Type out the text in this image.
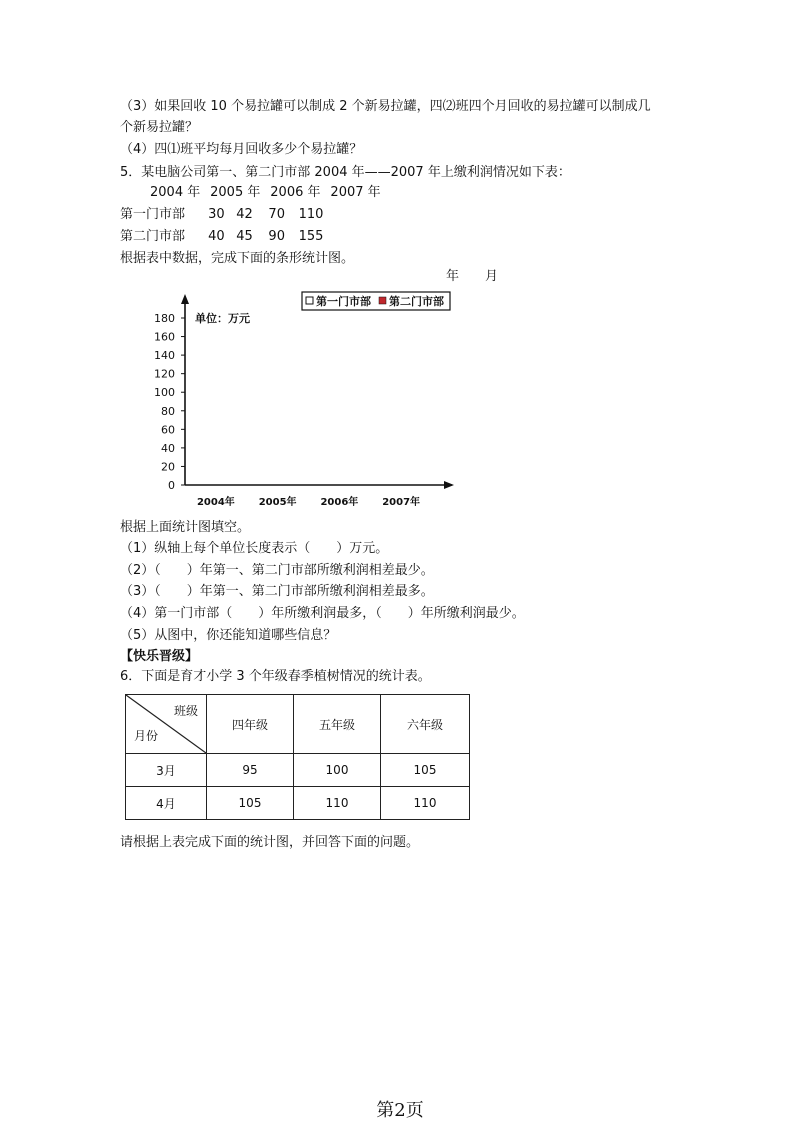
（3）如果回收 10 个易拉罐可以制成 2 个新易拉罐，四⑵班四个月回收的易拉罐可以制成几
个新易拉罐？
（4）四⑴班平均每月回收多少个易拉罐？
5．某电脑公司第一、第二门市部 2004 年——2007 年上缴利润情况如下表：
2004 年 2005 年 2006 年 2007 年
第一门市部 30 42 70 110
第二门市部 40 45 90 155
根据表中数据，完成下面的条形统计图。
年　　月
0
20
40
60
80
100
120
140
160
180
2004年 2005年 2006年 2007年
单位：万元
第一门市部 第二门市部
根据上面统计图填空。
（1）纵轴上每个单位长度表示（　　）万元。
（2）（　　）年第一、第二门市部所缴利润相差最少。
（3）（　　）年第一、第二门市部所缴利润相差最多。
（4）第一门市部（　　）年所缴利润最多，（　　）年所缴利润最少。
（5）从图中，你还能知道哪些信息？
【快乐晋级】
6．下面是育才小学 3 个年级春季植树情况的统计表。
班级
月份	四年级	五年级	六年级
3月	95	100	105
4月	105	110	110
请根据上表完成下面的统计图，并回答下面的问题。
第2页
